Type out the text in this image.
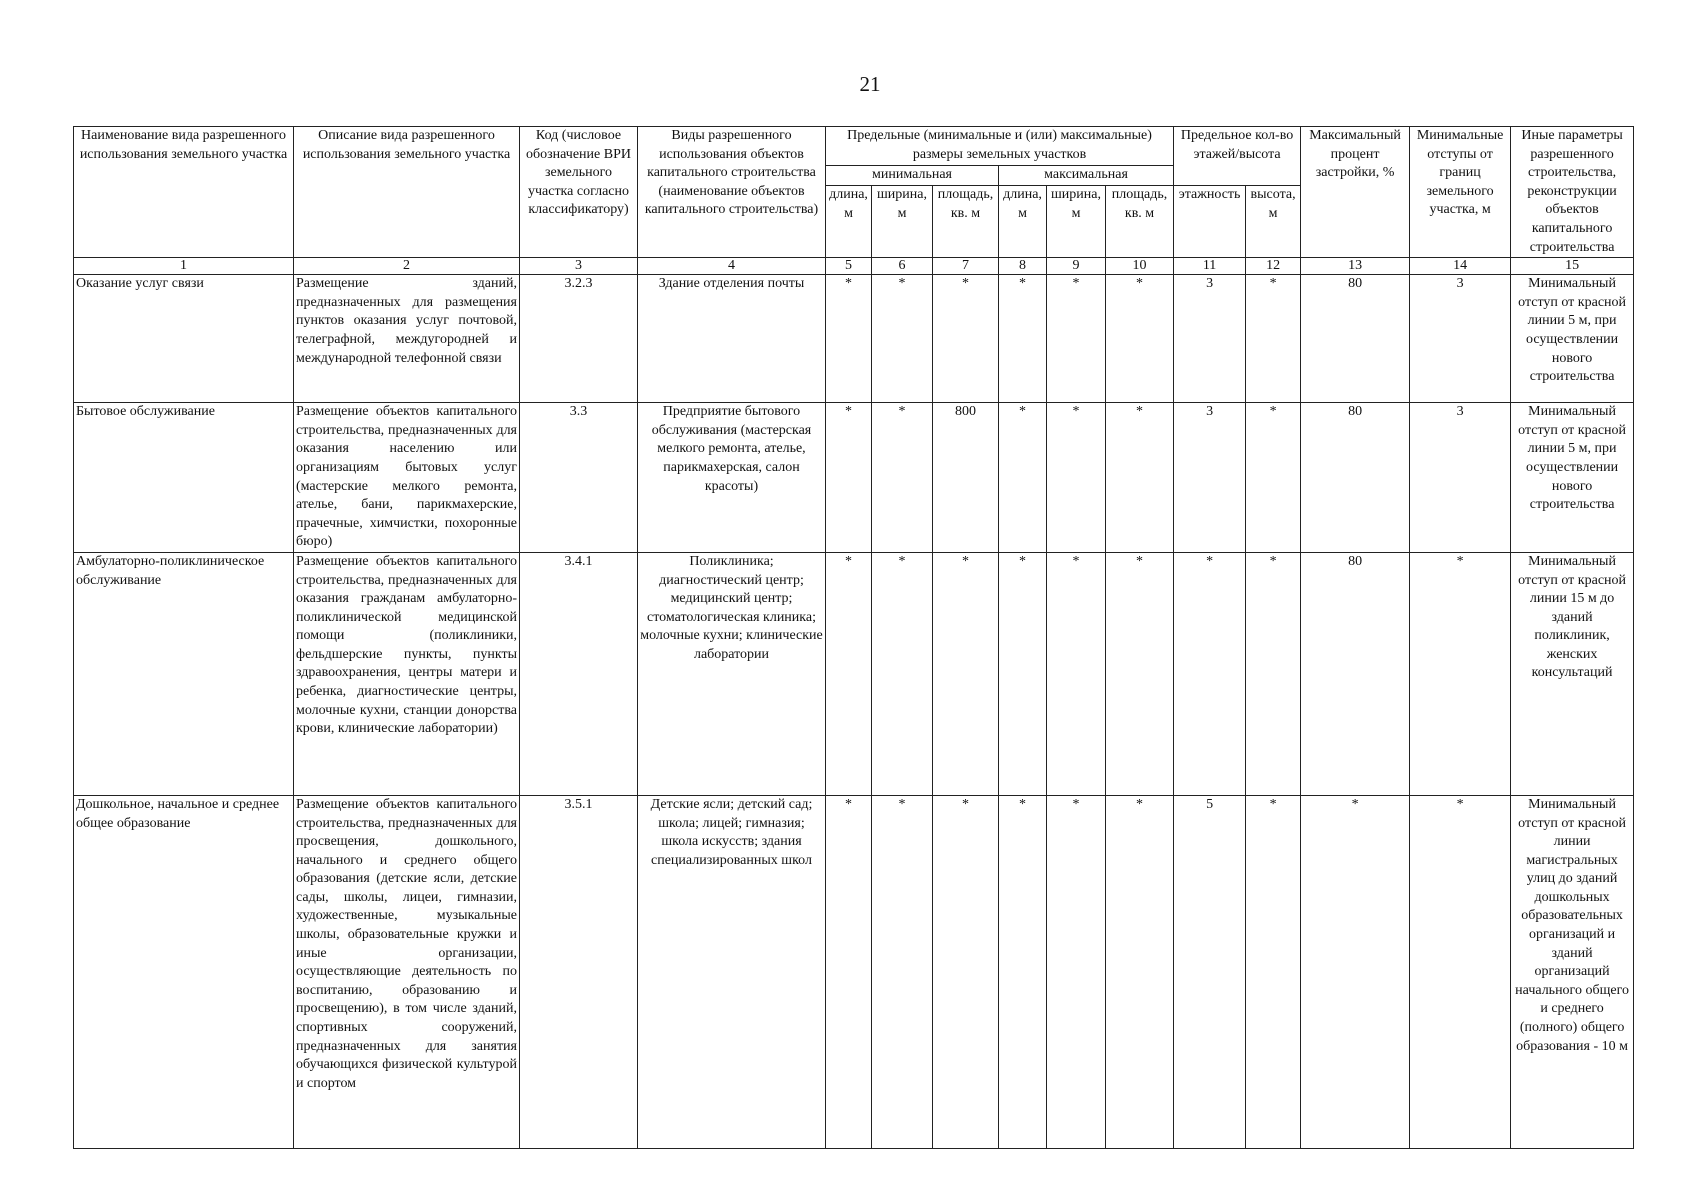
21
Наименование вида разрешенного использования земельного участка	Описание вида разрешенного использования земельного участка	Код (числовое обозначение ВРИ земельного участка согласно классификатору)	Виды разрешенного использования объектов капитального строительства (наименование объектов капитального строительства)	Предельные (минимальные и (или) максимальные) размеры земельных участков						Предельное кол-во этажей/высота		Максимальный процент застройки, %	Минимальные отступы от границ земельного участка, м	Иные параметры разрешенного строительства, реконструкции объектов капитального строительства

				минимальная			максимальная							
				длина, м	ширина, м	площадь, кв. м	длина, м	ширина, м	площадь, кв. м	этажность	высота, м			
1	2	3	4	5	6	7	8	9	10	11	12	13	14	15
Оказание услуг связи	Размещение зданий, предназначенных для размещения пунктов оказания услуг почтовой, телеграфной, междугородней и международной телефонной связи	3.2.3	Здание отделения почты	*	*	*	*	*	*	3	*	80	3	Минимальный отступ от красной линии 5 м, при осуществлении нового строительства
Бытовое обслуживание	Размещение объектов капитального строительства, предназначенных для оказания населению или организациям бытовых услуг (мастерские мелкого ремонта, ателье, бани, парикмахерские, прачечные, химчистки, похоронные бюро)	3.3	Предприятие бытового обслуживания (мастерская мелкого ремонта, ателье, парикмахерская, салон красоты)	*	*	800	*	*	*	3	*	80	3	Минимальный отступ от красной линии 5 м, при осуществлении нового строительства
Амбулаторно-поликлиническое обслуживание	Размещение объектов капитального строительства, предназначенных для оказания гражданам амбулаторно-поликлинической медицинской помощи (поликлиники, фельдшерские пункты, пункты здравоохранения, центры матери и ребенка, диагностические центры, молочные кухни, станции донорства крови, клинические лаборатории)	3.4.1	Поликлиника; диагностический центр; медицинский центр; стоматологическая клиника; молочные кухни; клинические лаборатории	*	*	*	*	*	*	*	*	80	*	Минимальный отступ от красной линии 15 м до зданий поликлиник, женских консультаций
Дошкольное, начальное и среднее общее образование	Размещение объектов капитального строительства, предназначенных для просвещения, дошкольного, начального и среднего общего образования (детские ясли, детские сады, школы, лицеи, гимназии, художественные, музыкальные школы, образовательные кружки и иные организации, осуществляющие деятельность по воспитанию, образованию и просвещению), в том числе зданий, спортивных сооружений, предназначенных для занятия обучающихся физической культурой и спортом	3.5.1	Детские ясли; детский сад; школа; лицей; гимназия; школа искусств; здания специализированных школ	*	*	*	*	*	*	5	*	*	*	Минимальный отступ от красной линии магистральных улиц до зданий дошкольных образовательных организаций и зданий организаций начального общего и среднего (полного) общего образования - 10 м
